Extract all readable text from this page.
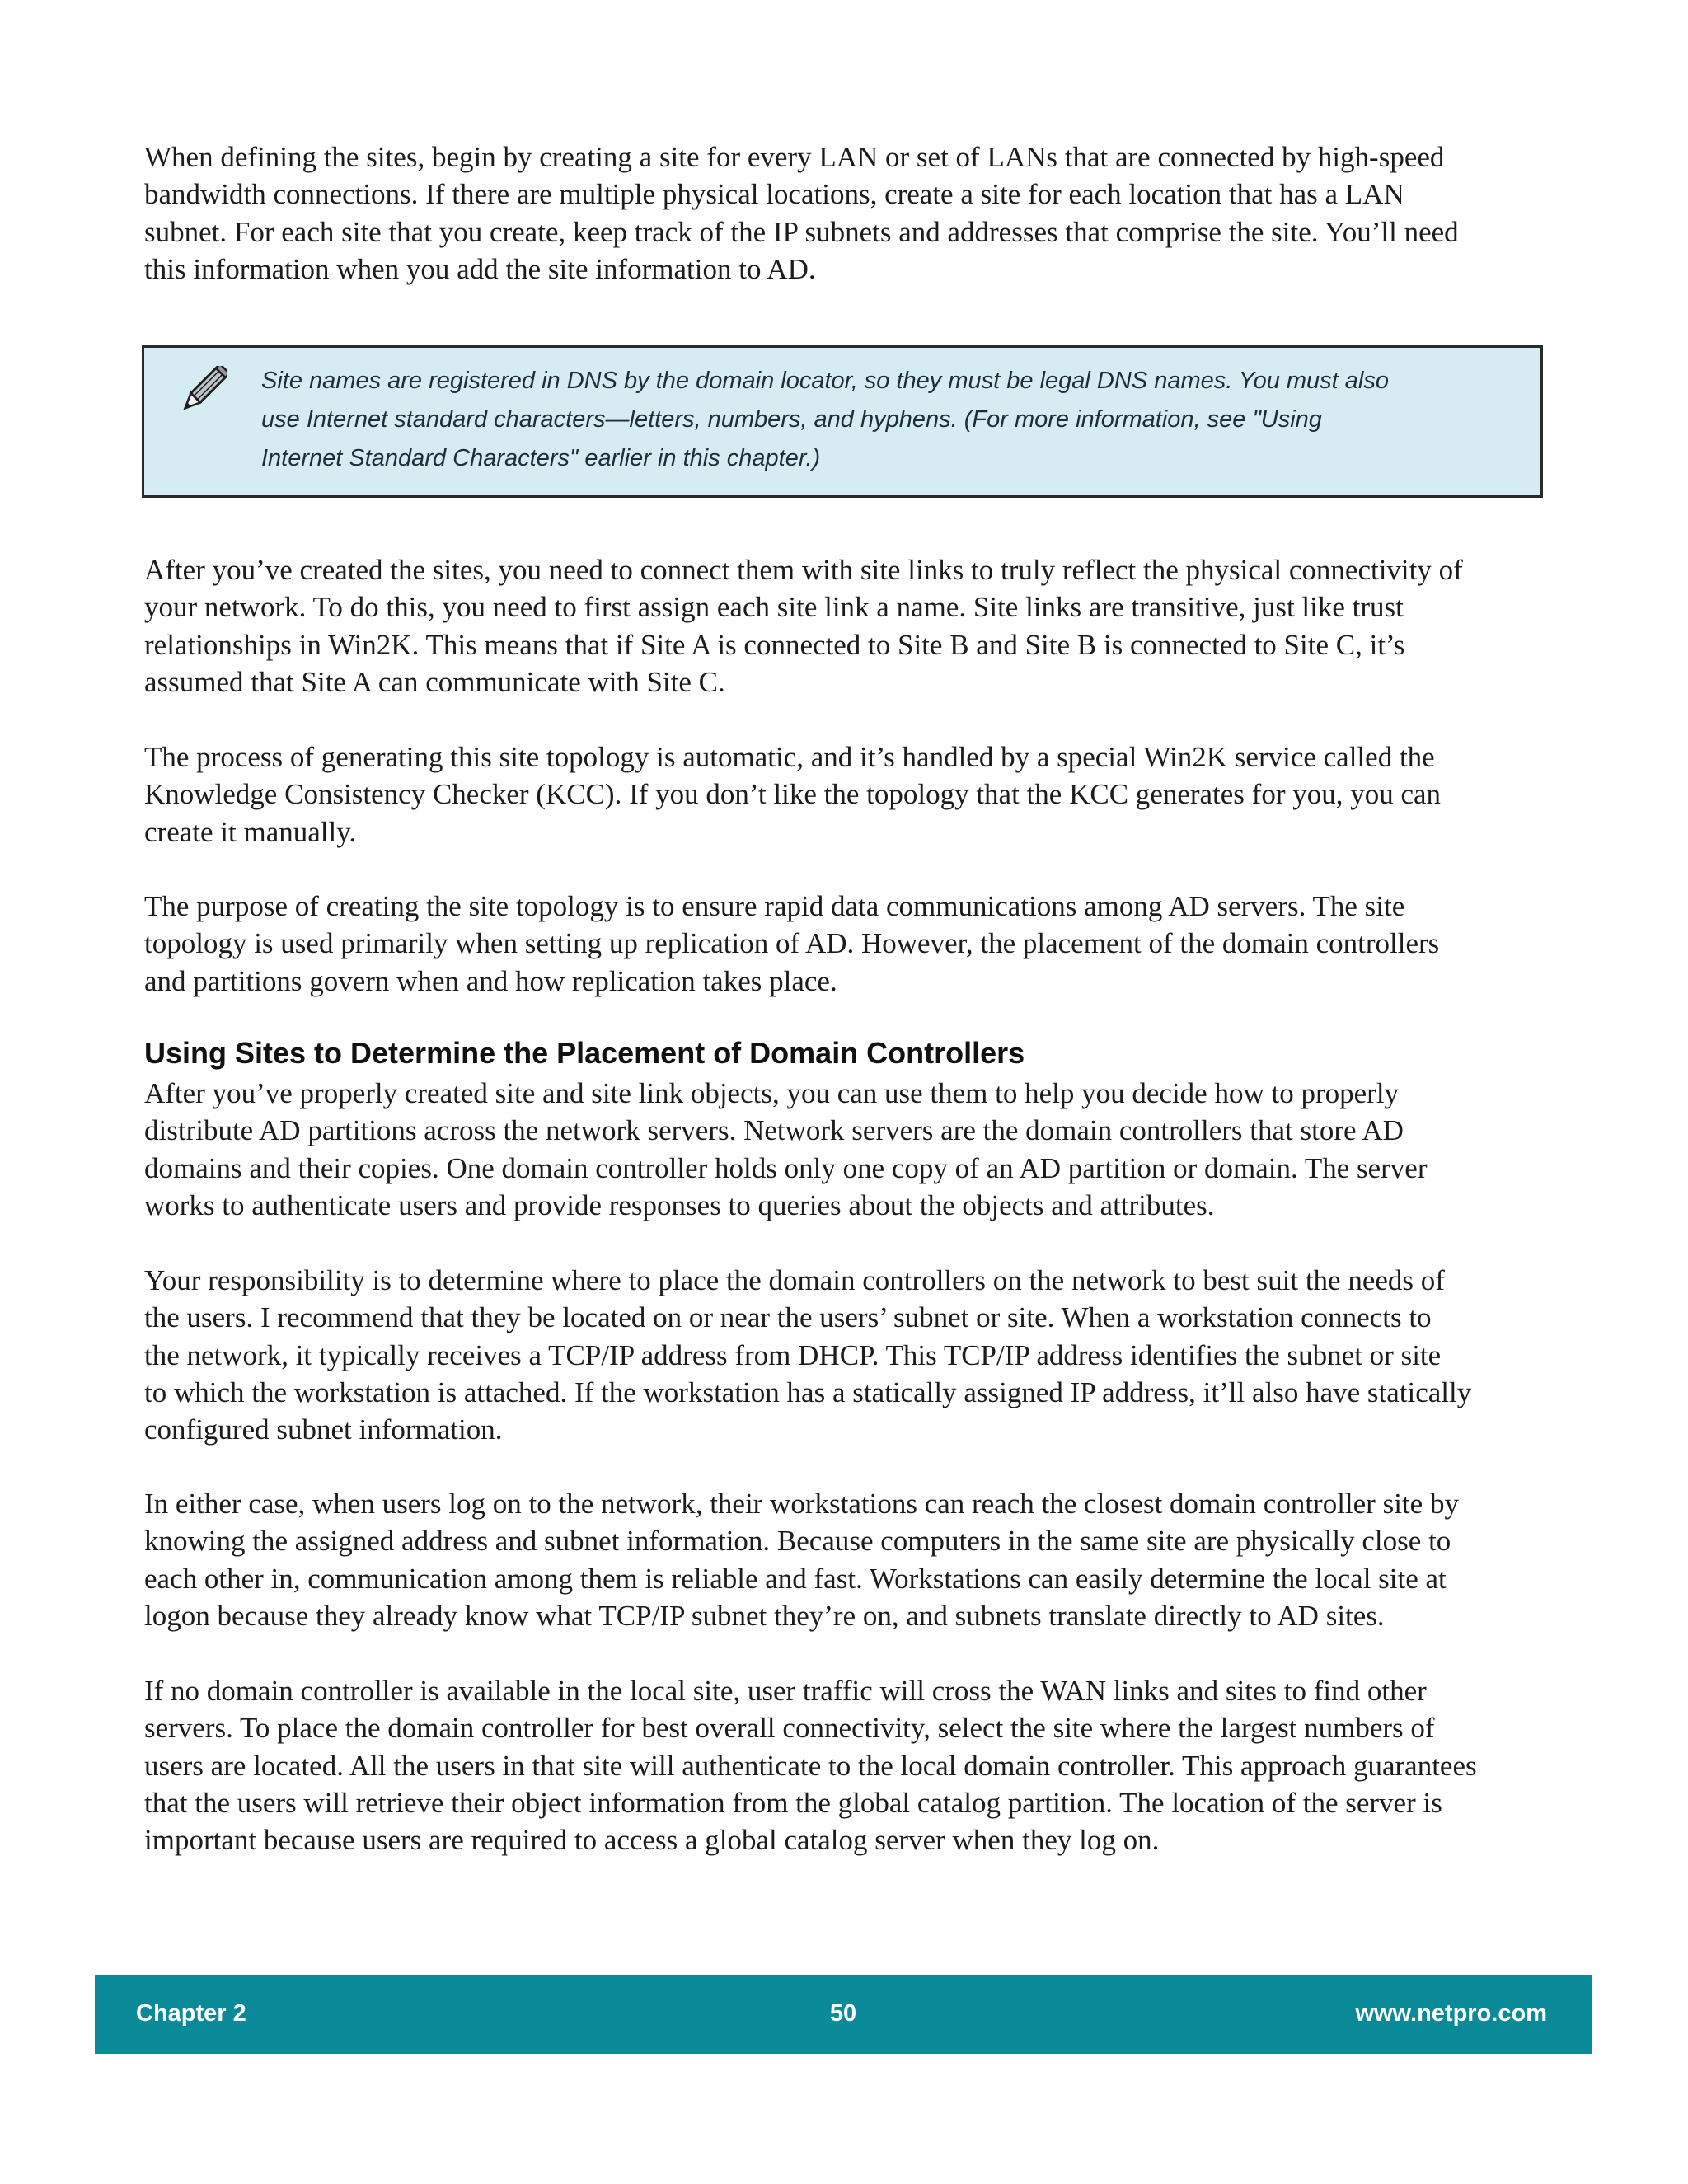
When defining the sites, begin by creating a site for every LAN or set of LANs that are connected by high-speed
bandwidth connections. If there are multiple physical locations, create a site for each location that has a LAN
subnet. For each site that you create, keep track of the IP subnets and addresses that comprise the site. You’ll need
this information when you add the site information to AD.

Site names are registered in DNS by the domain locator, so they must be legal DNS names. You must also
use Internet standard characters—letters, numbers, and hyphens. (For more information, see "Using
Internet Standard Characters" earlier in this chapter.)

After you’ve created the sites, you need to connect them with site links to truly reflect the physical connectivity of
your network. To do this, you need to first assign each site link a name. Site links are transitive, just like trust
relationships in Win2K. This means that if Site A is connected to Site B and Site B is connected to Site C, it’s
assumed that Site A can communicate with Site C.

The process of generating this site topology is automatic, and it’s handled by a special Win2K service called the
Knowledge Consistency Checker (KCC). If you don’t like the topology that the KCC generates for you, you can
create it manually.

The purpose of creating the site topology is to ensure rapid data communications among AD servers. The site
topology is used primarily when setting up replication of AD. However, the placement of the domain controllers
and partitions govern when and how replication takes place.

Using Sites to Determine the Placement of Domain Controllers

After you’ve properly created site and site link objects, you can use them to help you decide how to properly
distribute AD partitions across the network servers. Network servers are the domain controllers that store AD
domains and their copies. One domain controller holds only one copy of an AD partition or domain. The server
works to authenticate users and provide responses to queries about the objects and attributes.

Your responsibility is to determine where to place the domain controllers on the network to best suit the needs of
the users. I recommend that they be located on or near the users’ subnet or site. When a workstation connects to
the network, it typically receives a TCP/IP address from DHCP. This TCP/IP address identifies the subnet or site
to which the workstation is attached. If the workstation has a statically assigned IP address, it’ll also have statically
configured subnet information.

In either case, when users log on to the network, their workstations can reach the closest domain controller site by
knowing the assigned address and subnet information. Because computers in the same site are physically close to
each other in, communication among them is reliable and fast. Workstations can easily determine the local site at
logon because they already know what TCP/IP subnet they’re on, and subnets translate directly to AD sites.

If no domain controller is available in the local site, user traffic will cross the WAN links and sites to find other
servers. To place the domain controller for best overall connectivity, select the site where the largest numbers of
users are located. All the users in that site will authenticate to the local domain controller. This approach guarantees
that the users will retrieve their object information from the global catalog partition. The location of the server is
important because users are required to access a global catalog server when they log on.

Chapter 2	50	www.netpro.com
